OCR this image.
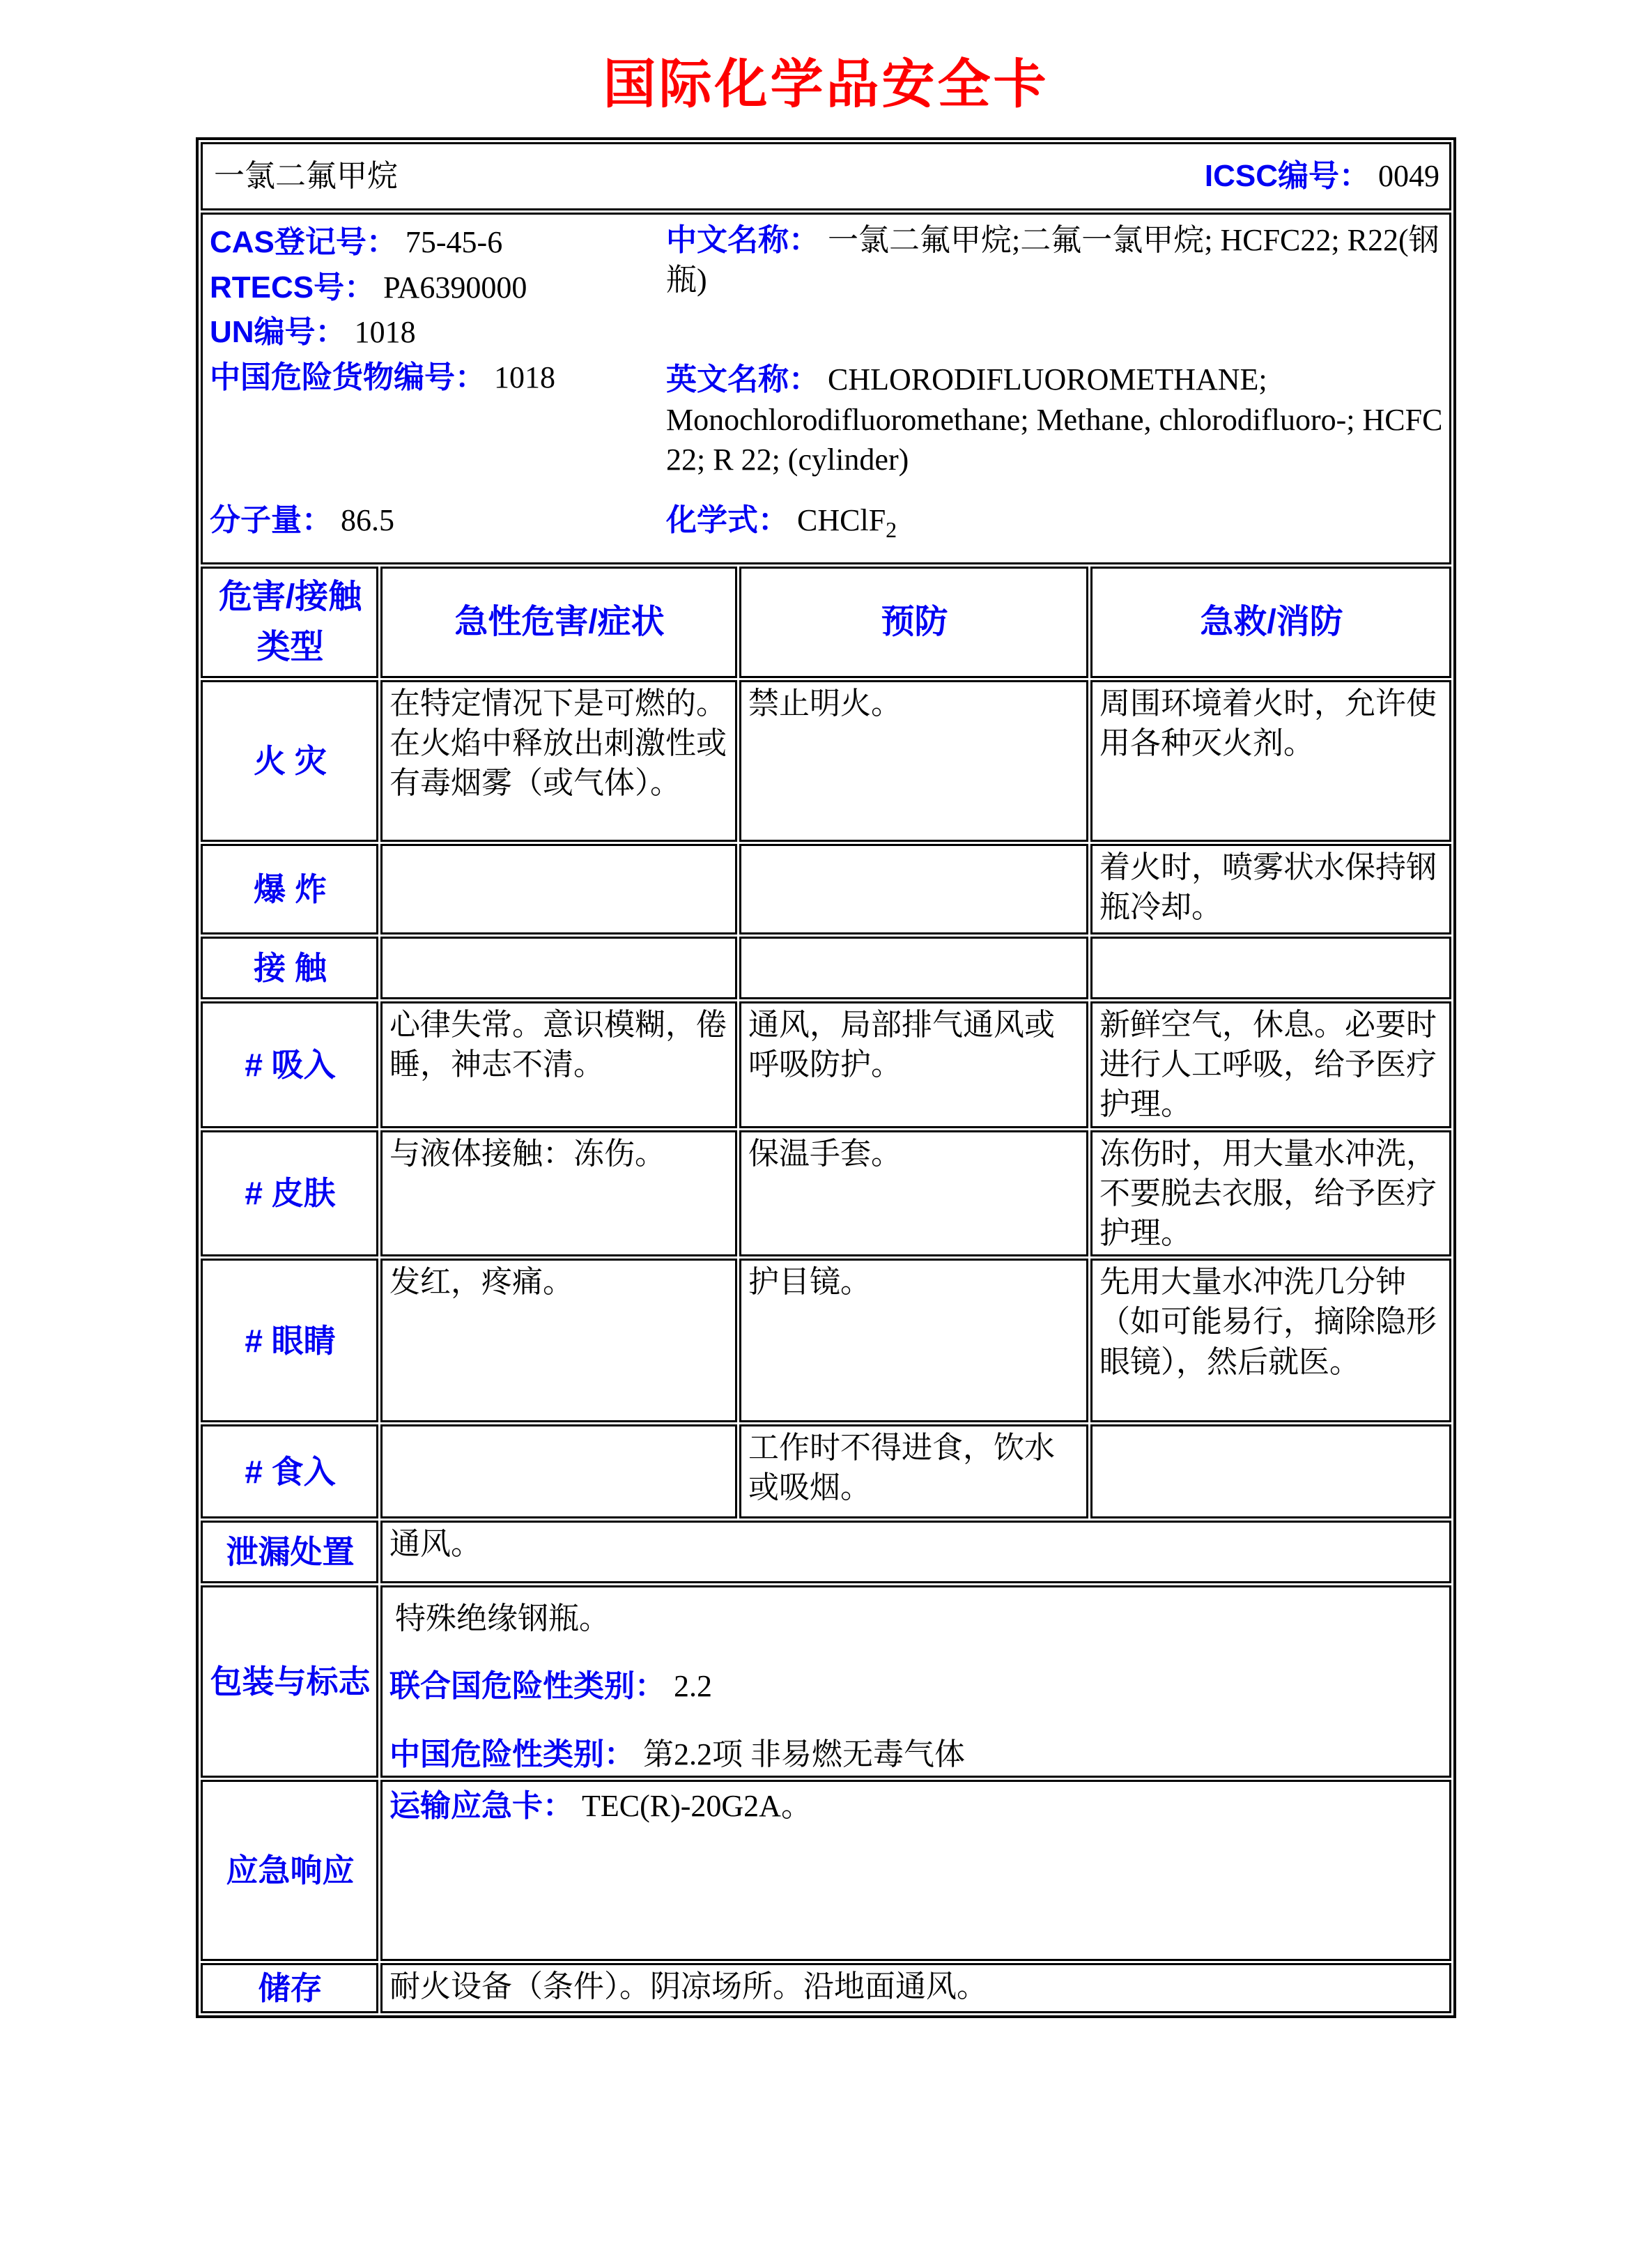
国际化学品安全卡
一氯二氟甲烷 ICSC编号： 0049			

CAS登记号： 75-45-6
RTECS号： PA6390000
UN编号： 1018
中国危险货物编号： 1018

中文名称： 一氯二氟甲烷;二氟一氯甲烷; HCFC22; R22(钢瓶)

英文名称： CHLORODIFLUOROMETHANE; Monochlorodifluoromethane; Methane, chlorodifluoro-; HCFC 22; R 22; (cylinder)

分子量： 86.5	化学式： CHClF$_2$

危害/接触类型	急性危害/症状	预防	急救/消防
火 灾	在特定情况下是可燃的。在火焰中释放出刺激性或有毒烟雾（或气体）。	禁止明火。	周围环境着火时，允许使用各种灭火剂。
爆 炸			着火时，喷雾状水保持钢瓶冷却。
接 触			
# 吸入	心律失常。意识模糊，倦睡，神志不清。	通风，局部排气通风或呼吸防护。	新鲜空气，休息。必要时进行人工呼吸，给予医疗护理。
# 皮肤	与液体接触：冻伤。	保温手套。	冻伤时，用大量水冲洗，不要脱去衣服，给予医疗护理。
# 眼睛	发红，疼痛。	护目镜。	先用大量水冲洗几分钟（如可能易行，摘除隐形眼镜），然后就医。
# 食入		工作时不得进食，饮水或吸烟。	
泄漏处置	通风。		
包装与标志	特殊绝缘钢瓶。
联合国危险性类别： 2.2
中国危险性类别： 第2.2项 非易燃无毒气体		

应急响应	运输应急卡： TEC(R)-20G2A。		

储存	耐火设备（条件）。阴凉场所。沿地面通风。		
